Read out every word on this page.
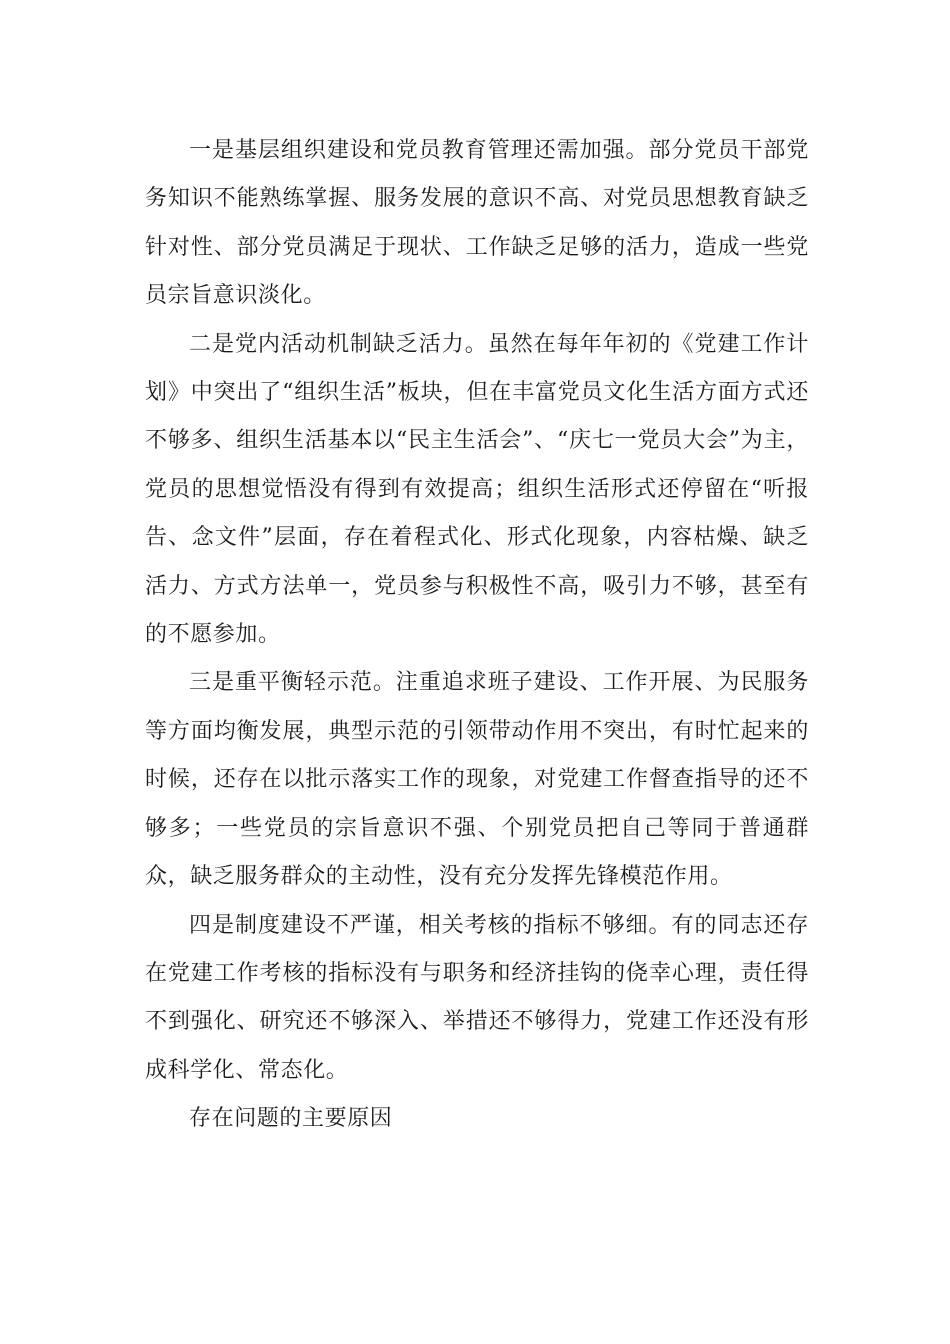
一是基层组织建设和党员教育管理还需加强。部分党员干部党务知识不能熟练掌握、服务发展的意识不高、对党员思想教育缺乏针对性、部分党员满足于现状、工作缺乏足够的活力，造成一些党员宗旨意识淡化。

二是党内活动机制缺乏活力。虽然在每年年初的《党建工作计划》中突出了“组织生活”板块，但在丰富党员文化生活方面方式还不够多、组织生活基本以“民主生活会”、“庆七一党员大会”为主，党员的思想觉悟没有得到有效提高；组织生活形式还停留在“听报告、念文件”层面，存在着程式化、形式化现象，内容枯燥、缺乏活力、方式方法单一，党员参与积极性不高，吸引力不够，甚至有的不愿参加。

三是重平衡轻示范。注重追求班子建设、工作开展、为民服务等方面均衡发展，典型示范的引领带动作用不突出，有时忙起来的时候，还存在以批示落实工作的现象，对党建工作督查指导的还不够多；一些党员的宗旨意识不强、个别党员把自己等同于普通群众，缺乏服务群众的主动性，没有充分发挥先锋模范作用。

四是制度建设不严谨，相关考核的指标不够细。有的同志还存在党建工作考核的指标没有与职务和经济挂钩的侥幸心理，责任得不到强化、研究还不够深入、举措还不够得力，党建工作还没有形成科学化、常态化。

存在问题的主要原因
